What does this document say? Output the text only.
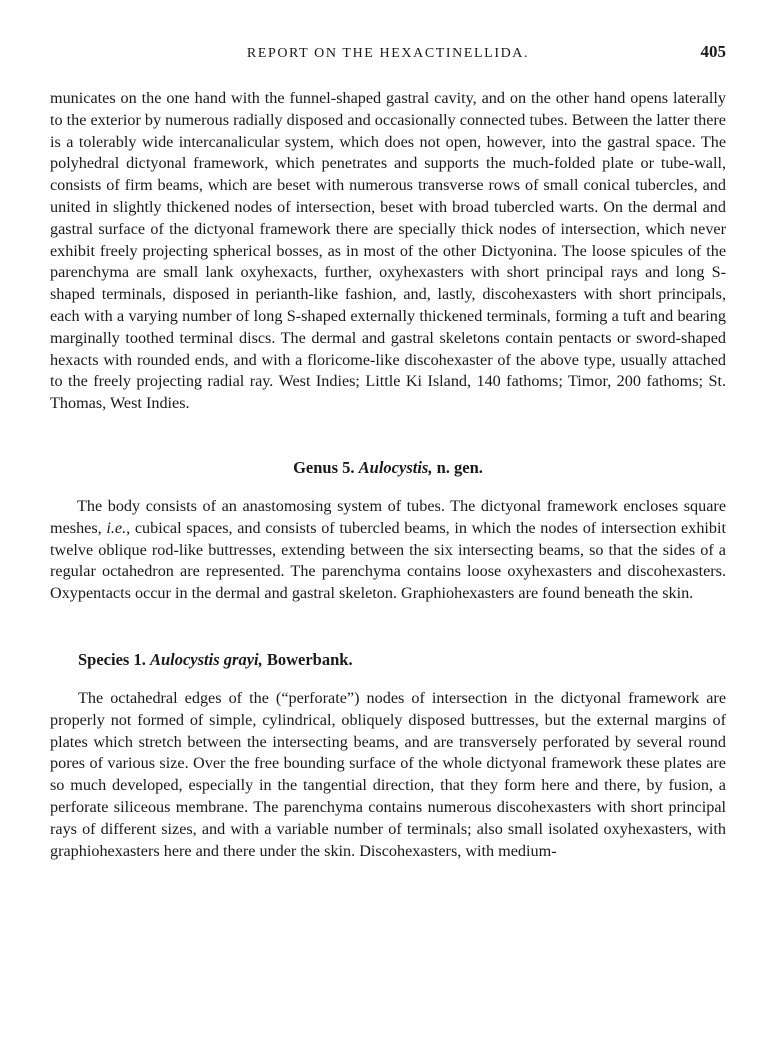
REPORT ON THE HEXACTINELLIDA.	405

municates on the one hand with the funnel-shaped gastral cavity, and on the other hand opens laterally to the exterior by numerous radially disposed and occasionally connected tubes. Between the latter there is a tolerably wide intercanalicular system, which does not open, however, into the gastral space. The polyhedral dictyonal framework, which penetrates and supports the much-folded plate or tube-wall, consists of firm beams, which are beset with numerous transverse rows of small conical tubercles, and united in slightly thickened nodes of intersection, beset with broad tubercled warts. On the dermal and gastral surface of the dictyonal framework there are specially thick nodes of intersection, which never exhibit freely projecting spherical bosses, as in most of the other Dictyonina. The loose spicules of the parenchyma are small lank oxyhexacts, further, oxyhexasters with short principal rays and long S-shaped terminals, disposed in perianth-like fashion, and, lastly, discohexasters with short principals, each with a varying number of long S-shaped externally thickened terminals, forming a tuft and bearing marginally toothed terminal discs. The dermal and gastral skeletons contain pentacts or sword-shaped hexacts with rounded ends, and with a floricome-like discohexaster of the above type, usually attached to the freely projecting radial ray. West Indies; Little Ki Island, 140 fathoms; Timor, 200 fathoms; St. Thomas, West Indies.

Genus 5. Aulocystis, n. gen.

The body consists of an anastomosing system of tubes. The dictyonal framework encloses square meshes, i.e., cubical spaces, and consists of tubercled beams, in which the nodes of intersection exhibit twelve oblique rod-like buttresses, extending between the six intersecting beams, so that the sides of a regular octahedron are represented. The parenchyma contains loose oxyhexasters and discohexasters. Oxypentacts occur in the dermal and gastral skeleton. Graphiohexasters are found beneath the skin.

Species 1. Aulocystis grayi, Bowerbank.

The octahedral edges of the (“perforate”) nodes of intersection in the dictyonal framework are properly not formed of simple, cylindrical, obliquely disposed buttresses, but the external margins of plates which stretch between the intersecting beams, and are transversely perforated by several round pores of various size. Over the free bounding surface of the whole dictyonal framework these plates are so much developed, especially in the tangential direction, that they form here and there, by fusion, a perforate siliceous membrane. The parenchyma contains numerous discohexasters with short principal rays of different sizes, and with a variable number of terminals; also small isolated oxyhexasters, with graphiohexasters here and there under the skin. Discohexasters, with medium-
